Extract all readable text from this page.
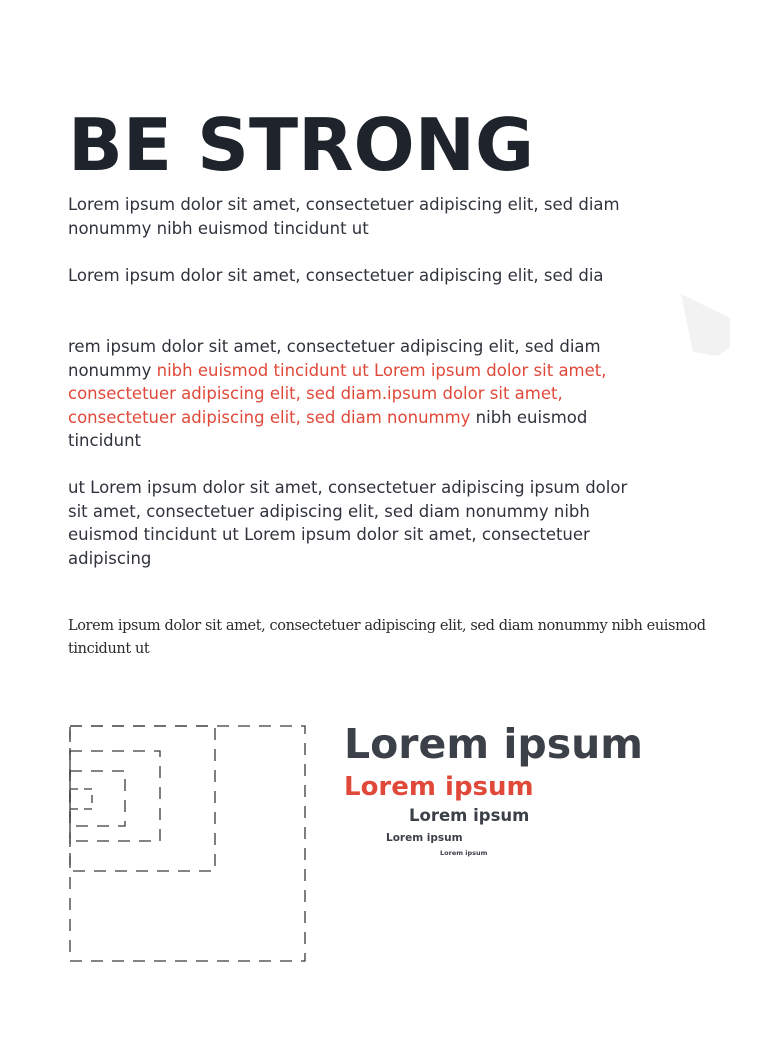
BE STRONG

Lorem ipsum dolor sit amet, consectetuer adipiscing elit, sed diam nonummy nibh euismod tincidunt ut

Lorem ipsum dolor sit amet, consectetuer adipiscing elit, sed dia

rem ipsum dolor sit amet, consectetuer adipiscing elit, sed diam nonummy nibh euismod tincidunt ut Lorem ipsum dolor sit amet, consectetuer adipiscing elit, sed diam.ipsum dolor sit amet, consectetuer adipiscing elit, sed diam nonummy nibh euismod tincidunt

ut Lorem ipsum dolor sit amet, consectetuer adipiscing ipsum dolor sit amet, consectetuer adipiscing elit, sed diam nonummy nibh euismod tincidunt ut Lorem ipsum dolor sit amet, consectetuer adipiscing

Lorem ipsum dolor sit amet, consectetuer adipiscing elit, sed diam nonummy nibh euismod tincidunt ut

Lorem ipsum
Lorem ipsum
Lorem ipsum
Lorem ipsum
Lorem ipsum
